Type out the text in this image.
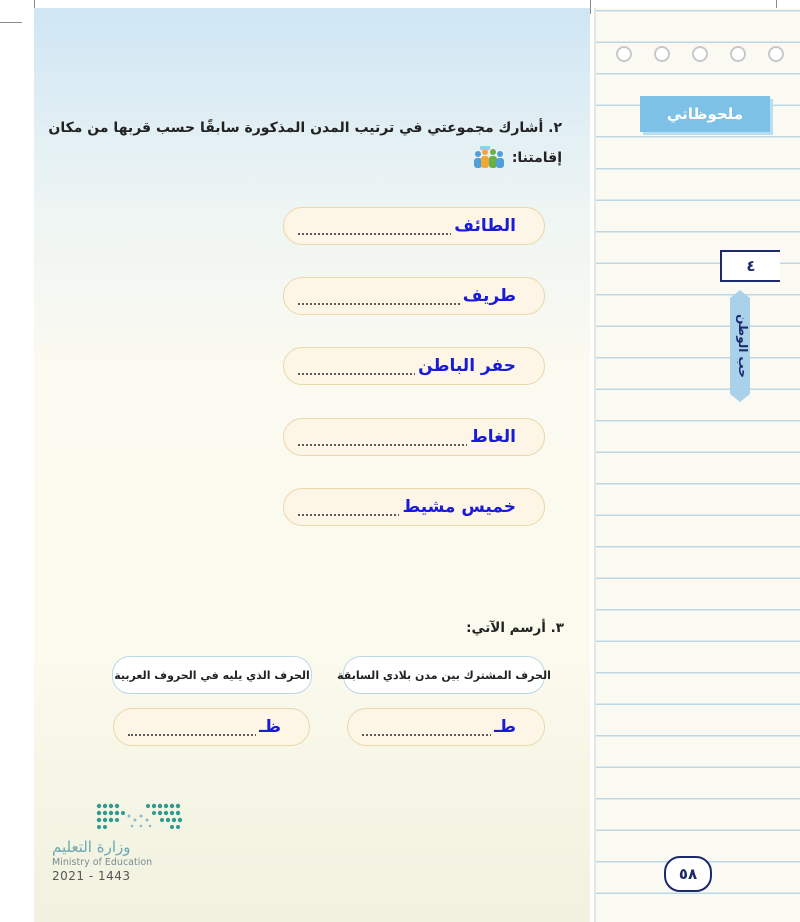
ملحوظاتي
٤
حب الوطن
٢. أشارك مجموعتي في ترتيب المدن المذكورة سابقًا حسب قربها من مكان
إقامتنا:
الطائف
طريف
حفر الباطن
الغاط
خميس مشيط
٣. أرسم الآتي:
الحرف المشترك بين مدن بلادي السابقة
الحرف الذي يليه في الحروف العربية
طـ
ظـ
وزارة التعليم
Ministry of Education
2021 - 1443	٥٨
